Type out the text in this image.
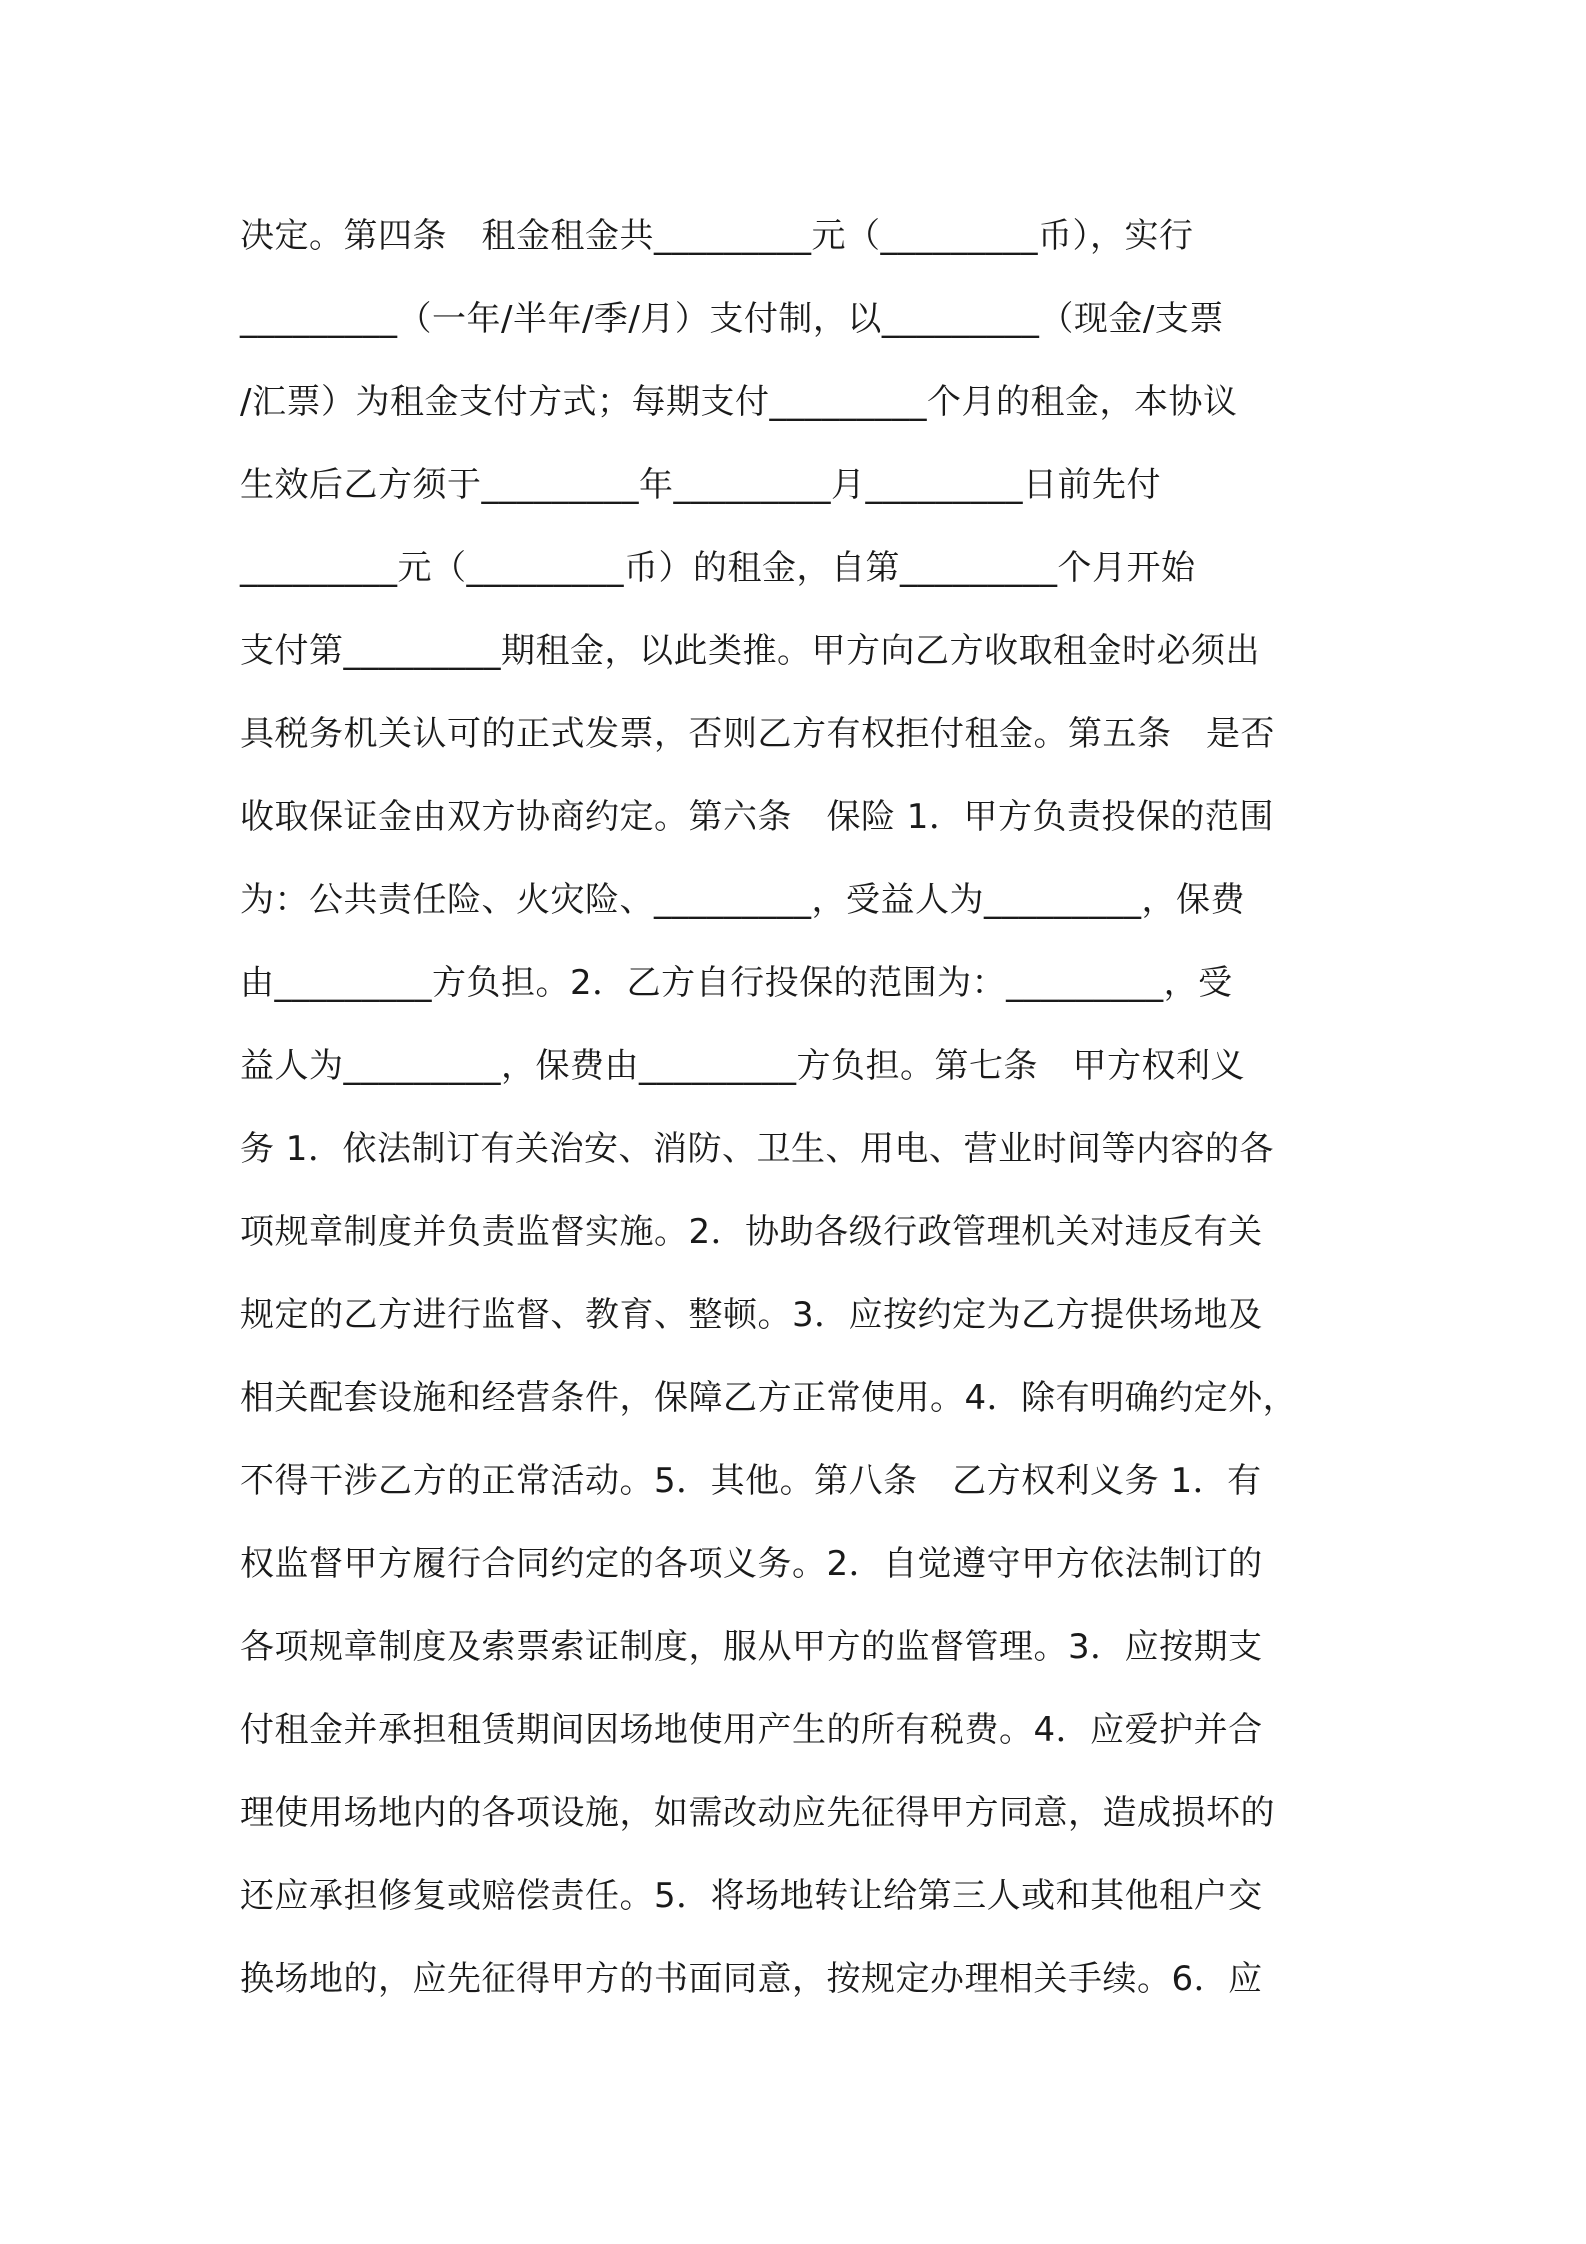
决定。第四条　租金租金共_________元（_________币），实行
_________（一年/半年/季/月）支付制，以_________（现金/支票
/汇票）为租金支付方式；每期支付_________个月的租金，本协议
生效后乙方须于_________年_________月_________日前先付
_________元（_________币）的租金，自第_________个月开始
支付第_________期租金，以此类推。甲方向乙方收取租金时必须出
具税务机关认可的正式发票，否则乙方有权拒付租金。第五条　是否
收取保证金由双方协商约定。第六条　保险 1．甲方负责投保的范围
为：公共责任险、火灾险、_________，受益人为_________，保费
由_________方负担。2．乙方自行投保的范围为：_________，受
益人为_________，保费由_________方负担。第七条　甲方权利义
务 1．依法制订有关治安、消防、卫生、用电、营业时间等内容的各
项规章制度并负责监督实施。2．协助各级行政管理机关对违反有关
规定的乙方进行监督、教育、整顿。3．应按约定为乙方提供场地及
相关配套设施和经营条件，保障乙方正常使用。4．除有明确约定外，
不得干涉乙方的正常活动。5．其他。第八条　乙方权利义务 1．有
权监督甲方履行合同约定的各项义务。2．自觉遵守甲方依法制订的
各项规章制度及索票索证制度，服从甲方的监督管理。3．应按期支
付租金并承担租赁期间因场地使用产生的所有税费。4．应爱护并合
理使用场地内的各项设施，如需改动应先征得甲方同意，造成损坏的
还应承担修复或赔偿责任。5．将场地转让给第三人或和其他租户交
换场地的，应先征得甲方的书面同意，按规定办理相关手续。6．应
